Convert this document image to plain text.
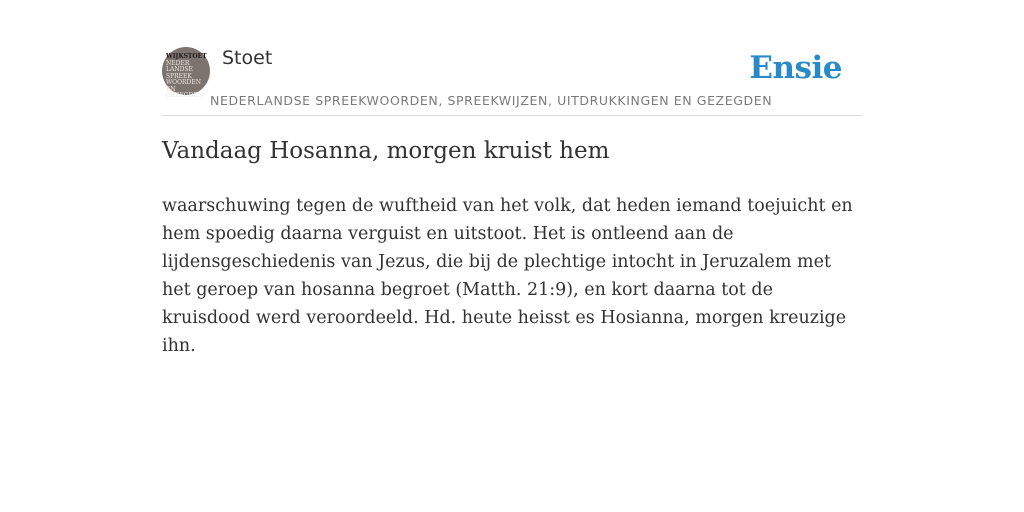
WIJKSTOET
NEDER
LANDSE
SPREEK
WOORDEN EN
GEZEGDEN
Stoet
NEDERLANDSE SPREEKWOORDEN, SPREEKWIJZEN, UITDRUKKINGEN EN GEZEGDEN
Ensie
Vandaag Hosanna, morgen kruist hem

waarschuwing tegen de wuftheid van het volk, dat heden iemand toejuicht en hem spoedig daarna verguist en uitstoot. Het is ontleend aan de lijdensgeschiedenis van Jezus, die bij de plechtige intocht in Jeruzalem met het geroep van hosanna begroet (Matth. 21:9), en kort daarna tot de kruisdood werd veroordeeld. Hd. heute heisst es Hosianna, morgen kreuzige ihn.
